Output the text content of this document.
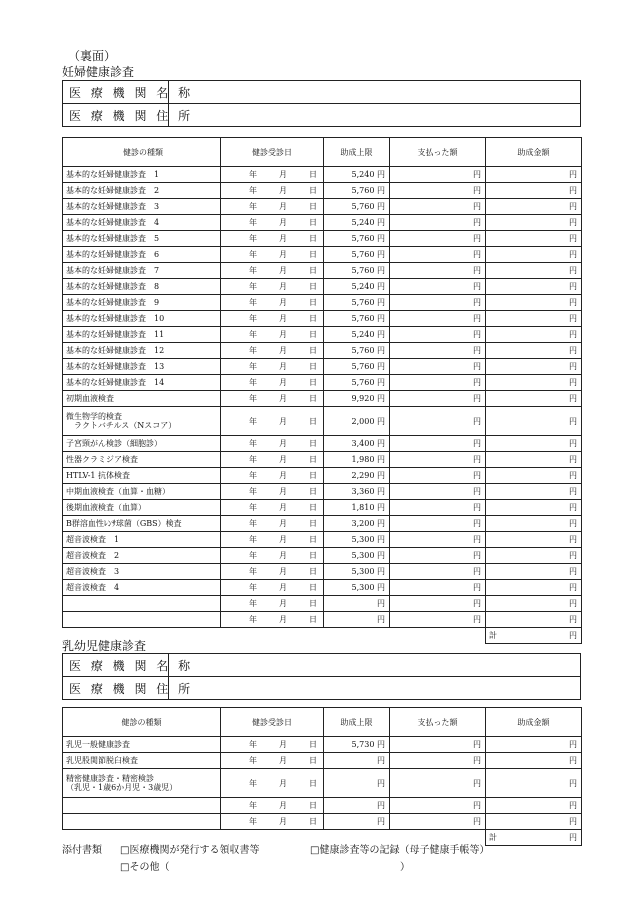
（裏面）
妊婦健康診査
医 療 機 関 名 称	
医 療 機 関 住 所	
健診の種類	健診受診日	助成上限	支払った額	助成金額
基本的な妊婦健康診査　1	年 月 日	5,240 円	円	円
基本的な妊婦健康診査　2	年 月 日	5,760 円	円	円
基本的な妊婦健康診査　3	年 月 日	5,760 円	円	円
基本的な妊婦健康診査　4	年 月 日	5,240 円	円	円
基本的な妊婦健康診査　5	年 月 日	5,760 円	円	円
基本的な妊婦健康診査　6	年 月 日	5,760 円	円	円
基本的な妊婦健康診査　7	年 月 日	5,760 円	円	円
基本的な妊婦健康診査　8	年 月 日	5,240 円	円	円
基本的な妊婦健康診査　9	年 月 日	5,760 円	円	円
基本的な妊婦健康診査　10	年 月 日	5,760 円	円	円
基本的な妊婦健康診査　11	年 月 日	5,240 円	円	円
基本的な妊婦健康診査　12	年 月 日	5,760 円	円	円
基本的な妊婦健康診査　13	年 月 日	5,760 円	円	円
基本的な妊婦健康診査　14	年 月 日	5,760 円	円	円
初期血液検査	年 月 日	9,920 円	円	円
微生物学的検査
　ラクトバチルス（Nスコア）	年 月 日	2,000 円	円	円
子宮頸がん検診（細胞診）	年 月 日	3,400 円	円	円
性器クラミジア検査	年 月 日	1,980 円	円	円
HTLV-1 抗体検査	年 月 日	2,290 円	円	円
中期血液検査（血算・血糖）	年 月 日	3,360 円	円	円
後期血液検査（血算）	年 月 日	1,810 円	円	円
B群溶血性ﾚﾝｻ球菌（GBS）検査	年 月 日	3,200 円	円	円
超音波検査　1	年 月 日	5,300 円	円	円
超音波検査　2	年 月 日	5,300 円	円	円
超音波検査　3	年 月 日	5,300 円	円	円
超音波検査　4	年 月 日	5,300 円	円	円
	年 月 日	円	円	円
	年 月 日	円	円	円

				計 円
乳幼児健康診査
医 療 機 関 名 称	
医 療 機 関 住 所	
健診の種類	健診受診日	助成上限	支払った額	助成金額
乳児一般健康診査	年 月 日	5,730 円	円	円
乳児股関節脱臼検査	年 月 日	円	円	円
精密健康診査・精密検診
（乳児・1歳6か月児・3歳児）	年 月 日	円	円	円
	年 月 日	円	円	円
	年 月 日	円	円	円

				計 円
添付書類 □医療機関が発行する領収書等	□健康診査等の記録（母子健康手帳等）
□その他（	）
